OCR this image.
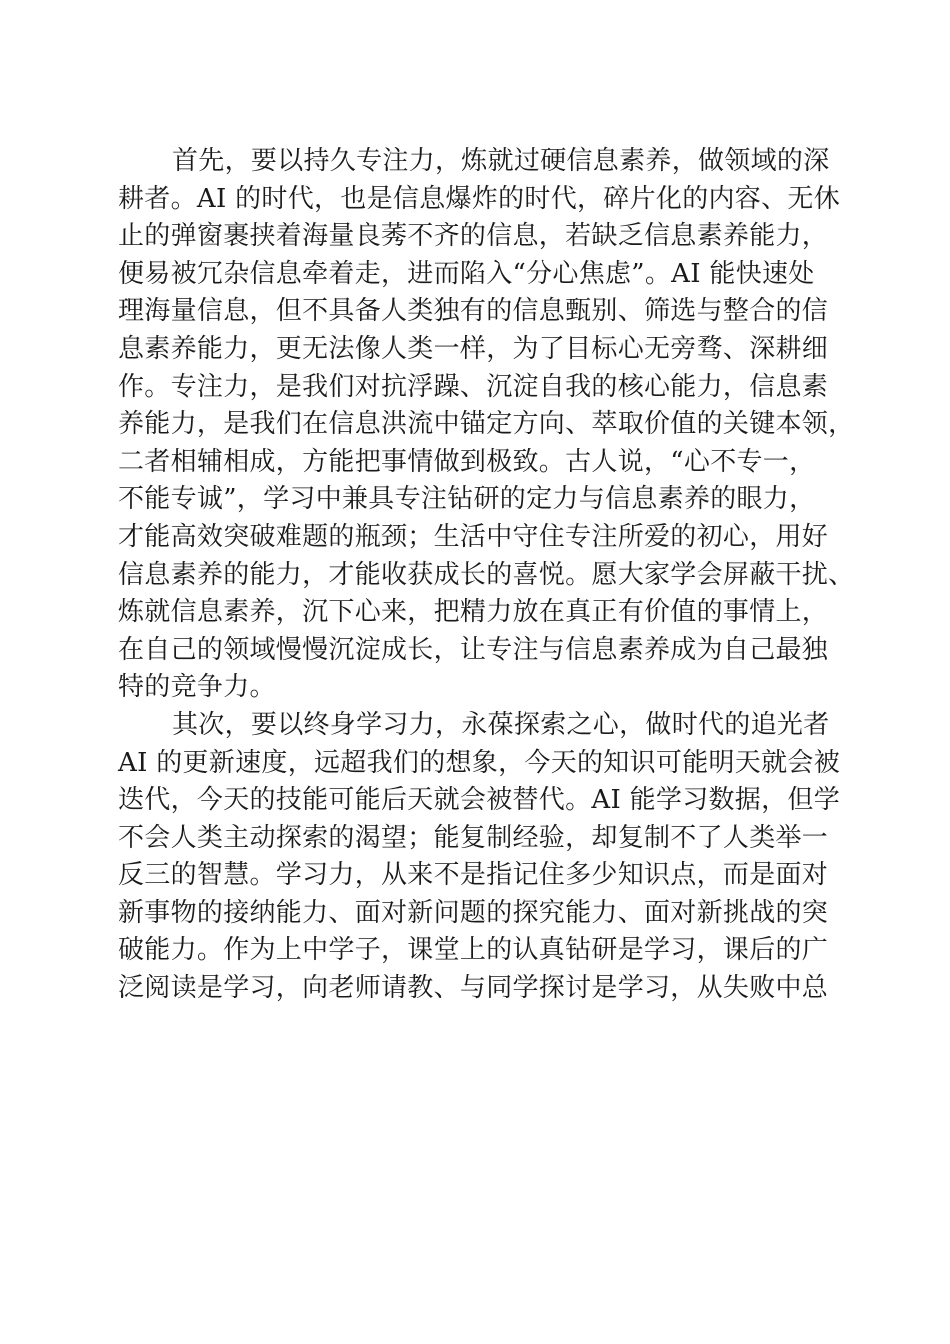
首先，要以持久专注力，炼就过硬信息素养，做领域的深
耕者。AI 的时代，也是信息爆炸的时代，碎片化的内容、无休
止的弹窗裹挟着海量良莠不齐的信息，若缺乏信息素养能力，
便易被冗杂信息牵着走，进而陷入“分心焦虑”。AI 能快速处
理海量信息，但不具备人类独有的信息甄别、筛选与整合的信
息素养能力，更无法像人类一样，为了目标心无旁骛、深耕细
作。专注力，是我们对抗浮躁、沉淀自我的核心能力，信息素
养能力，是我们在信息洪流中锚定方向、萃取价值的关键本领，
二者相辅相成，方能把事情做到极致。古人说，“心不专一，
不能专诚”，学习中兼具专注钻研的定力与信息素养的眼力，
才能高效突破难题的瓶颈；生活中守住专注所爱的初心，用好
信息素养的能力，才能收获成长的喜悦。愿大家学会屏蔽干扰、
炼就信息素养，沉下心来，把精力放在真正有价值的事情上，
在自己的领域慢慢沉淀成长，让专注与信息素养成为自己最独
特的竞争力。
其次，要以终身学习力，永葆探索之心，做时代的追光者
AI 的更新速度，远超我们的想象，今天的知识可能明天就会被
迭代，今天的技能可能后天就会被替代。AI 能学习数据，但学
不会人类主动探索的渴望；能复制经验，却复制不了人类举一
反三的智慧。学习力，从来不是指记住多少知识点，而是面对
新事物的接纳能力、面对新问题的探究能力、面对新挑战的突
破能力。作为上中学子，课堂上的认真钻研是学习，课后的广
泛阅读是学习，向老师请教、与同学探讨是学习，从失败中总
